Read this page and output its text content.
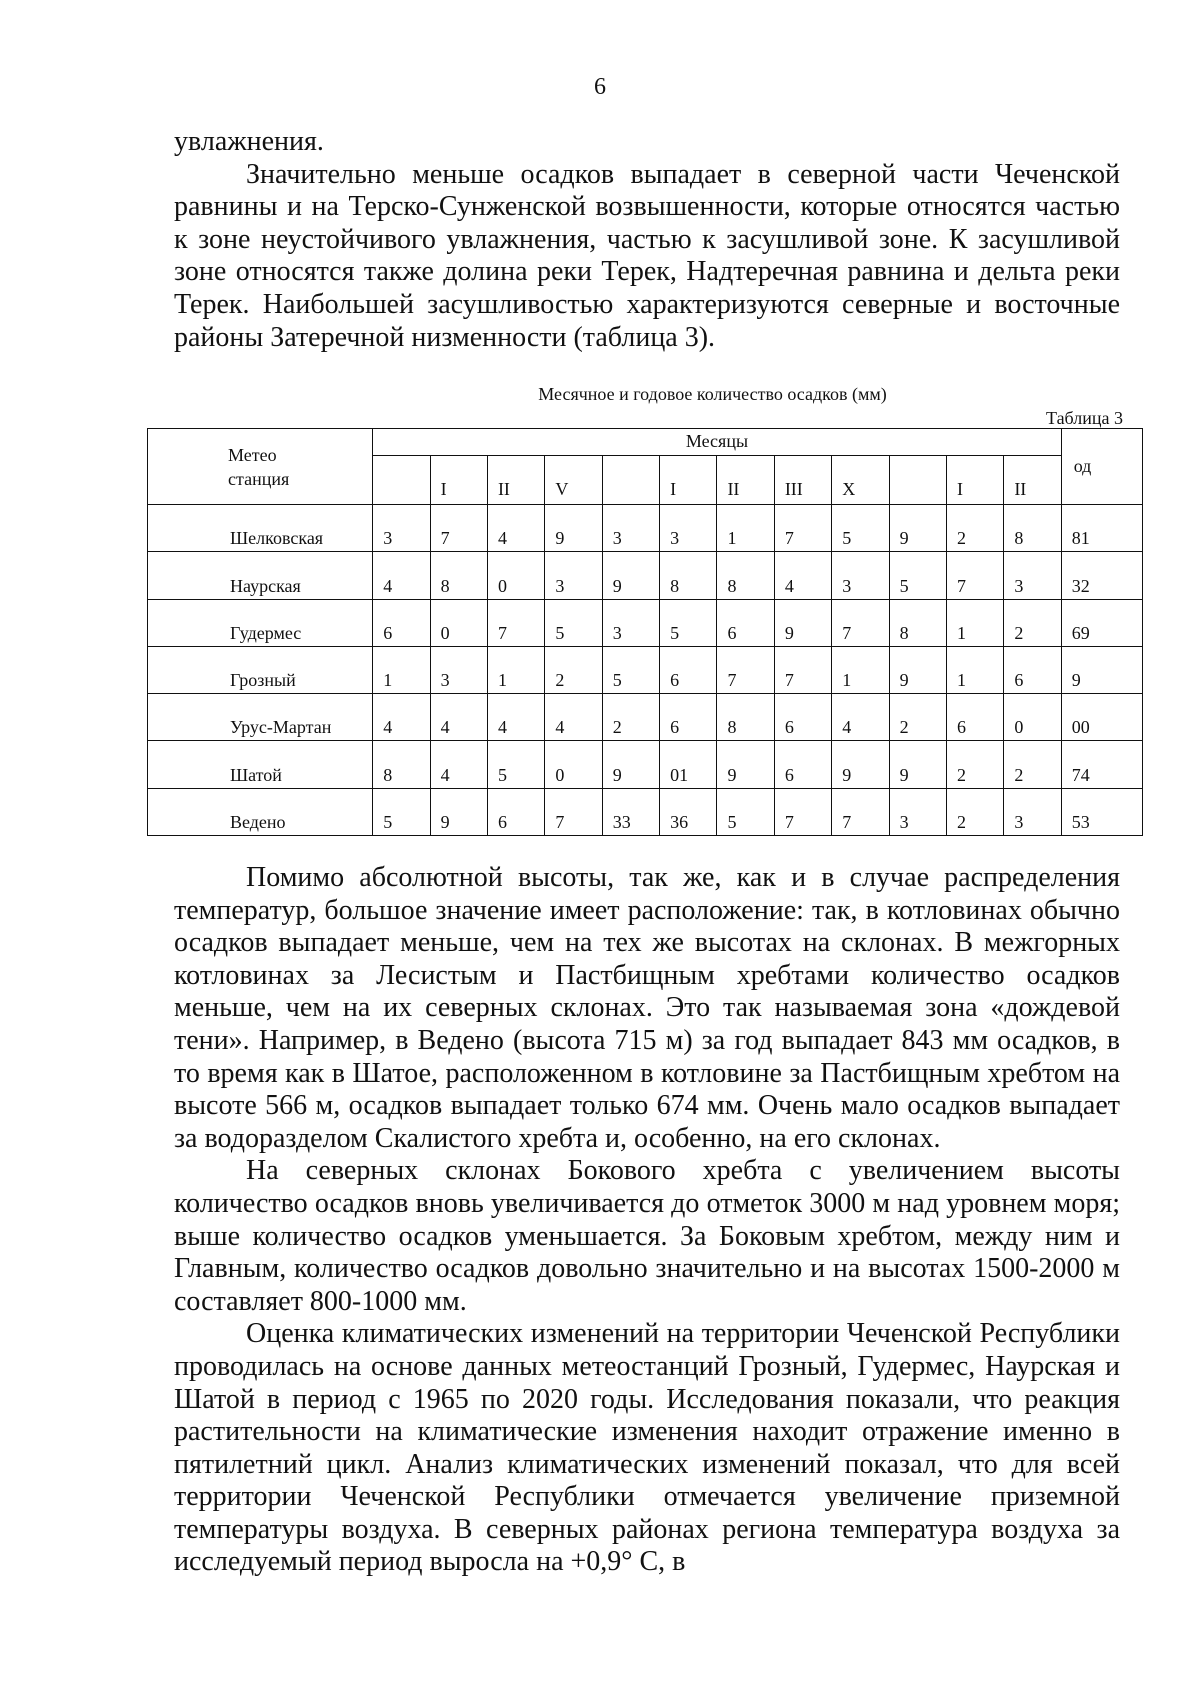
6

увлажнения.

Значительно меньше осадков выпадает в северной части Чеченской равнины и на Терско-Сунженской возвышенности, которые относятся частью к зоне неустойчивого увлажнения, частью к засушливой зоне. К засушливой зоне относятся также долина реки Терек, Надтеречная равнина и дельта реки Терек. Наибольшей засушливостью характеризуются северные и восточные районы Затеречной низменности (таблица 3).

Месячное и годовое количество осадков (мм)
Таблица 3
Метео
станция	Месяцы												од
		I	II	V		I	II	III	X		I	II	
Шелковская	3	7	4	9	3	3	1	7	5	9	2	8	81
Наурская	4	8	0	3	9	8	8	4	3	5	7	3	32
Гудермес	6	0	7	5	3	5	6	9	7	8	1	2	69
Грозный	1	3	1	2	5	6	7	7	1	9	1	6	9
Урус-Мартан	4	4	4	4	2	6	8	6	4	2	6	0	00
Шатой	8	4	5	0	9	01	9	6	9	9	2	2	74
Ведено	5	9	6	7	33	36	5	7	7	3	2	3	53

Помимо абсолютной высоты, так же, как и в случае распределения температур, большое значение имеет расположение: так, в котловинах обычно осадков выпадает меньше, чем на тех же высотах на склонах. В межгорных котловинах за Лесистым и Пастбищным хребтами количество осадков меньше, чем на их северных склонах. Это так называемая зона «дождевой тени». Например, в Ведено (высота 715 м) за год выпадает 843 мм осадков, в то время как в Шатое, расположенном в котловине за Пастбищным хребтом на высоте 566 м, осадков выпадает только 674 мм. Очень мало осадков выпадает за водоразделом Скалистого хребта и, особенно, на его склонах.

На северных склонах Бокового хребта с увеличением высоты количество осадков вновь увеличивается до отметок 3000 м над уровнем моря; выше количество осадков уменьшается. За Боковым хребтом, между ним и Главным, количество осадков довольно значительно и на высотах 1500-2000 м составляет 800-1000 мм.

Оценка климатических изменений на территории Чеченской Республики проводилась на основе данных метеостанций Грозный, Гудермес, Наурская и Шатой в период с 1965 по 2020 годы. Исследования показали, что реакция растительности на климатические изменения находит отражение именно в пятилетний цикл. Анализ климатических изменений показал, что для всей территории Чеченской Республики отмечается увеличение приземной температуры воздуха. В северных районах региона температура воздуха за исследуемый период выросла на +0,9° С, в
